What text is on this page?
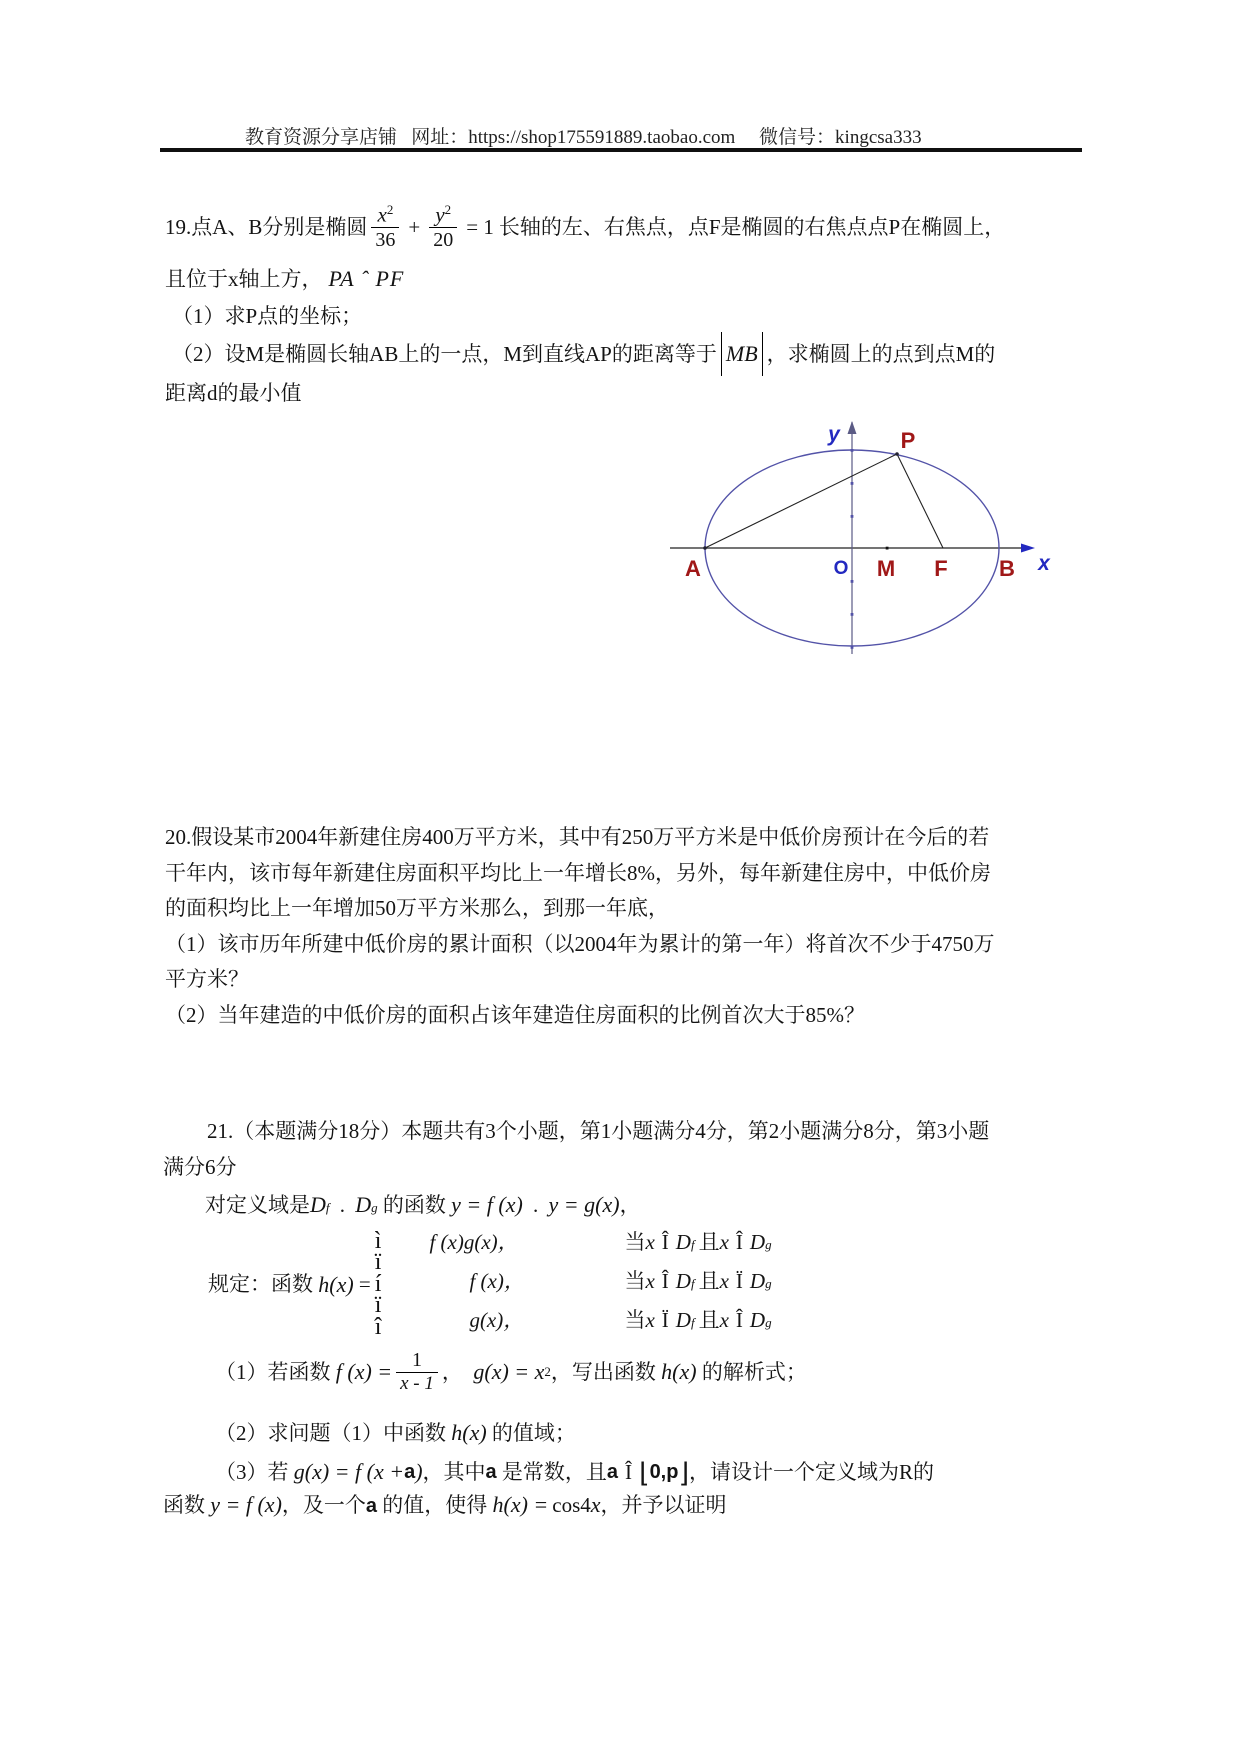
教育资源分享店铺   网址：https://shop175591889.taobao.com     微信号：kingcsa333
19.点A、B分别是椭圆 $\frac{x^2}{36} + \frac{y^2}{20} = 1$ 长轴的左、右焦点，点F是椭圆的右焦点点P在椭圆上，
且位于x轴上方， PA ˆ PF
（1）求P点的坐标；
（2）设M是椭圆长轴AB上的一点，M到直线AP的距离等于 MB ，求椭圆上的点到点M的
距离d的最小值
y
x
O
P
A	M F B
20.假设某市2004年新建住房400万平方米，其中有250万平方米是中低价房预计在今后的若
干年内，该市每年新建住房面积平均比上一年增长8%，另外，每年新建住房中，中低价房
的面积均比上一年增加50万平方米那么，到那一年底，
（1）该市历年所建中低价房的累计面积（以2004年为累计的第一年）将首次不少于4750万
平方米？
（2）当年建造的中低价房的面积占该年建造住房面积的比例首次大于85%？
21.（本题满分18分）本题共有3个小题，第1小题满分4分，第2小题满分8分，第3小题
满分6分
对定义域是 D f . D g 的函数 y = f (x) . y = g(x) ，
规定：函数 h(x) =
ì
ï
í
ï
î
f (x)g(x)，	当 x Î D f 且 x Î D g
f (x)，	当 x Î D f 且 x Ï D g
g(x)，	当 x Ï D f 且 x Î D g
（1）若函数 f $(x) = \frac{1}{x - 1}$ ， g(x) = x 2 ，写出函数 h(x) 的解析式；
（2）求问题（1）中函数 h(x) 的值域；
（3）若 g(x) = f (x + a ) ，其中 a 是常数，且 a Î ⌊ 0,p ⌋ ，请设计一个定义域为R的
函数 y = f (x) ，及一个 a 的值，使得 h(x) = cos4 x ，并予以证明
